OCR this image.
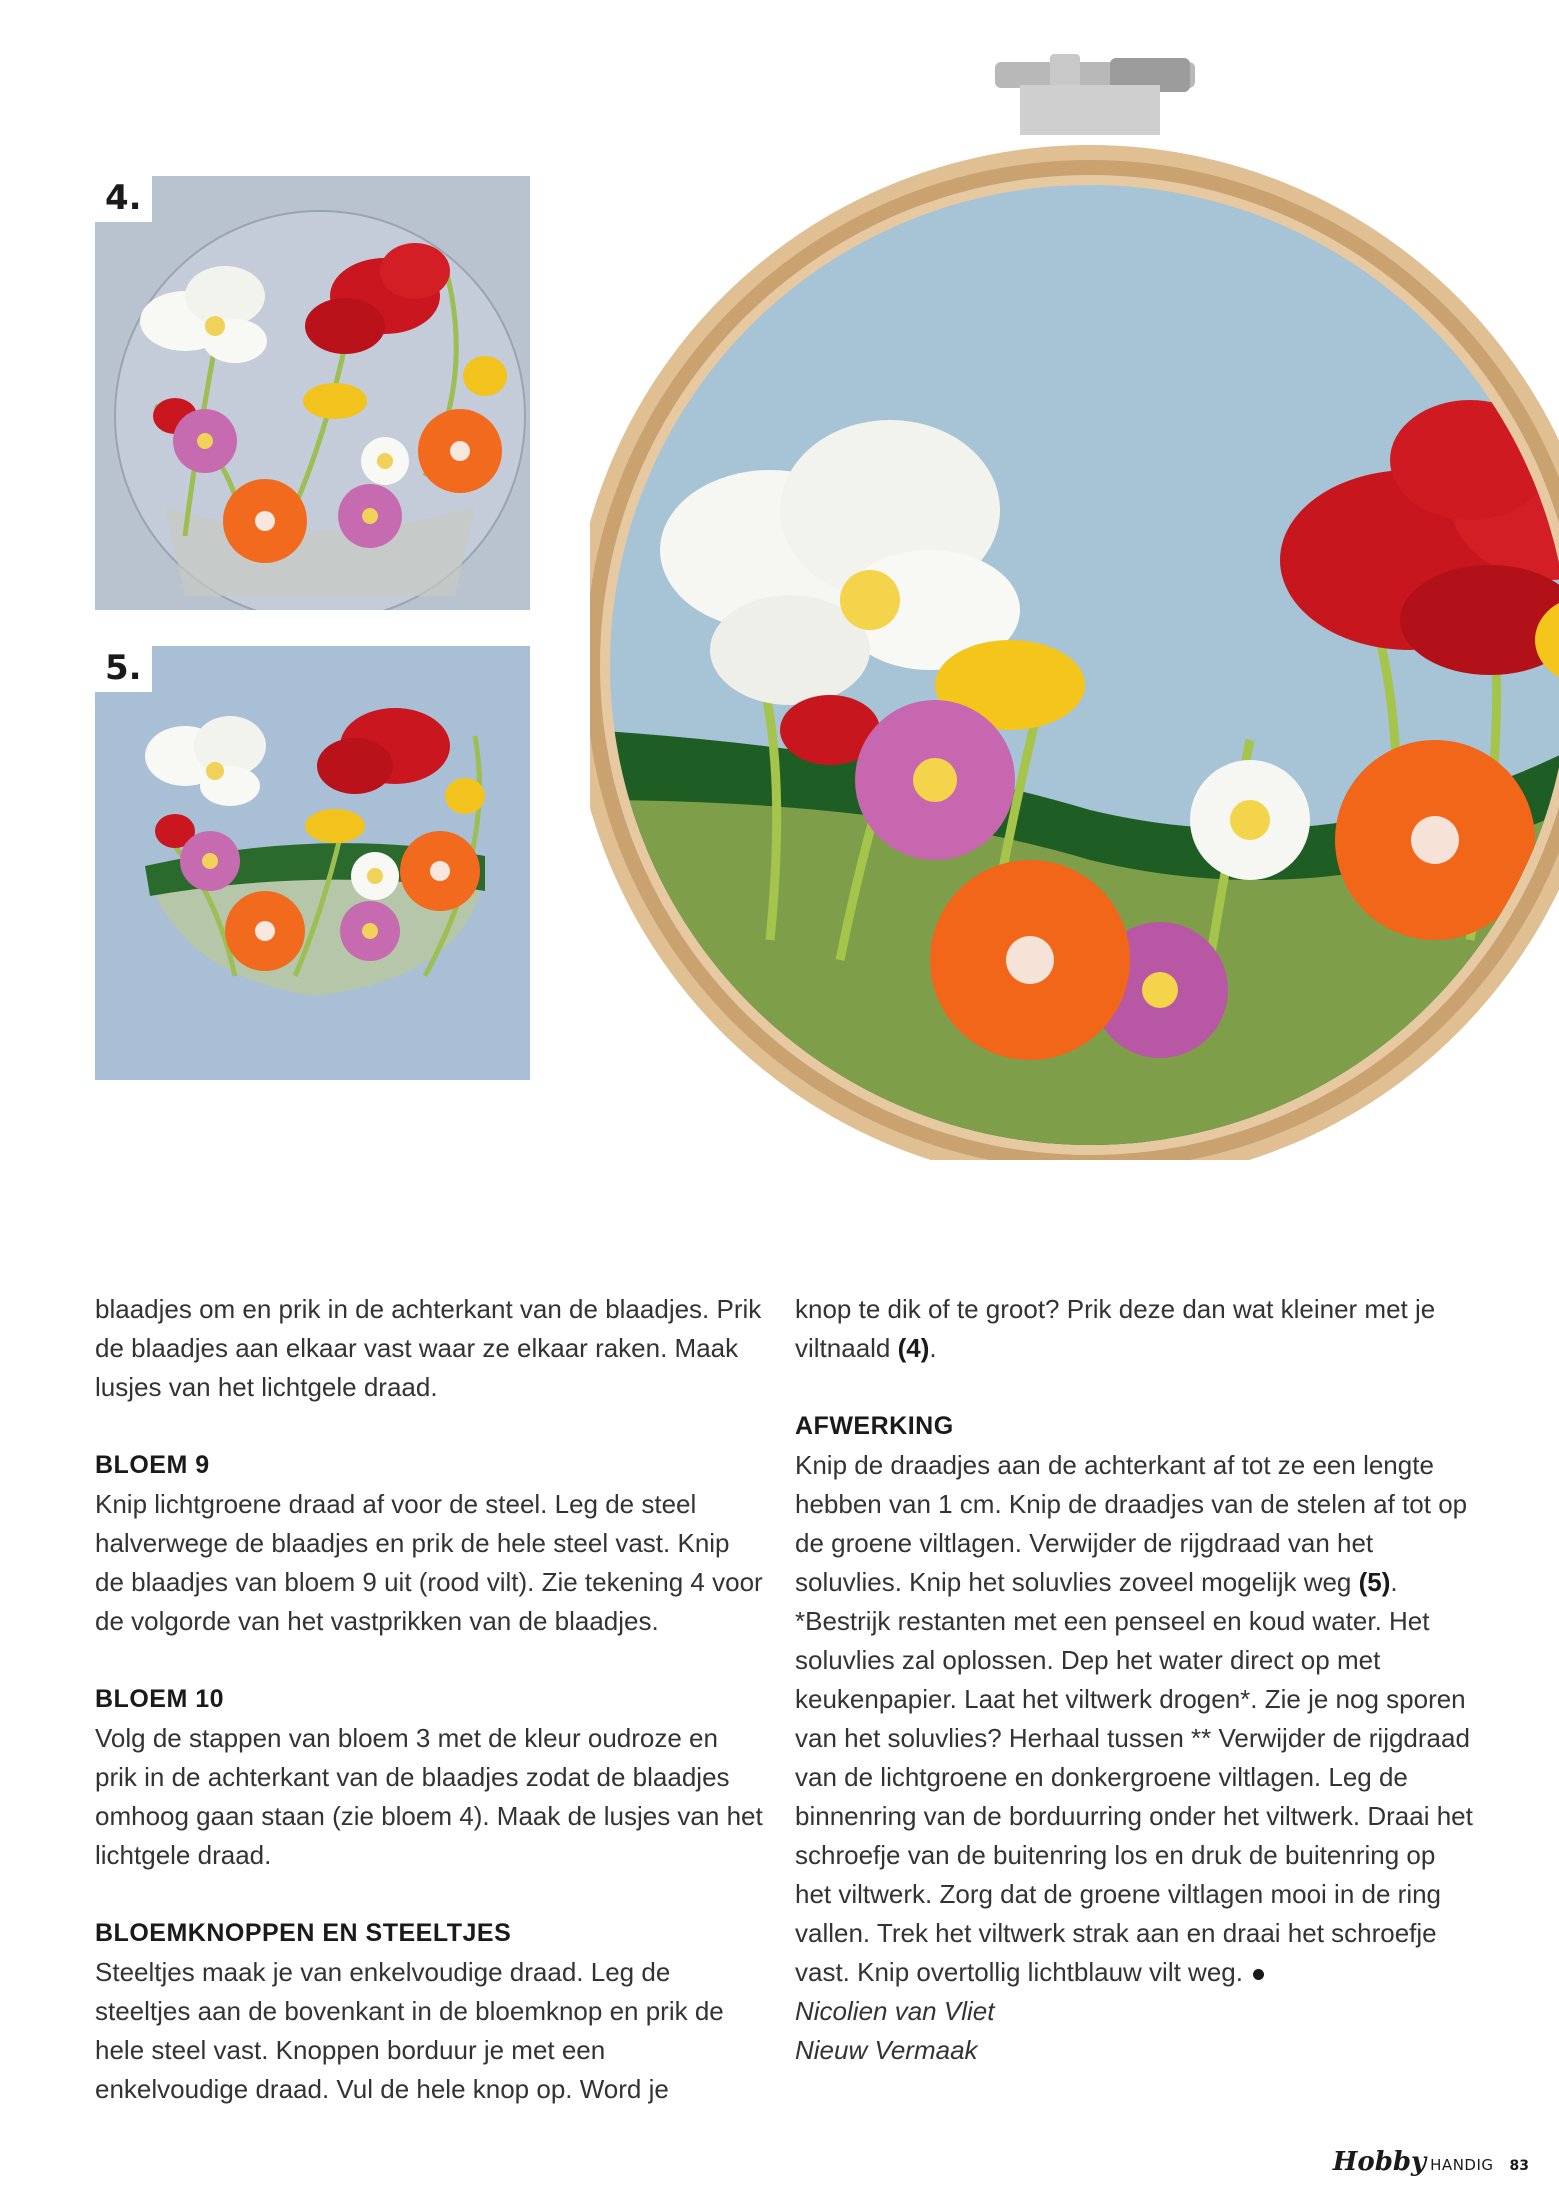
4.
5.

blaadjes om en prik in de achterkant van de blaadjes. Prik de blaadjes aan elkaar vast waar ze elkaar raken. Maak lusjes van het lichtgele draad.

BLOEM 9

Knip lichtgroene draad af voor de steel. Leg de steel halverwege de blaadjes en prik de hele steel vast. Knip de blaadjes van bloem 9 uit (rood vilt). Zie tekening 4 voor de volgorde van het vastprikken van de blaadjes.

BLOEM 10

Volg de stappen van bloem 3 met de kleur oudroze en prik in de achterkant van de blaadjes zodat de blaadjes omhoog gaan staan (zie bloem 4). Maak de lusjes van het lichtgele draad.

BLOEMKNOPPEN EN STEELTJES

Steeltjes maak je van enkelvoudige draad. Leg de steeltjes aan de bovenkant in de bloemknop en prik de hele steel vast. Knoppen borduur je met een enkelvoudige draad. Vul de hele knop op. Word je

knop te dik of te groot? Prik deze dan wat kleiner met je viltnaald (4).

AFWERKING

Knip de draadjes aan de achterkant af tot ze een lengte hebben van 1 cm. Knip de draadjes van de stelen af tot op de groene viltlagen. Verwijder de rijgdraad van het soluvlies. Knip het soluvlies zoveel mogelijk weg (5). *Bestrijk restanten met een penseel en koud water. Het soluvlies zal oplossen. Dep het water direct op met keukenpapier. Laat het viltwerk drogen*. Zie je nog sporen van het soluvlies? Herhaal tussen ** Verwijder de rijgdraad van de lichtgroene en donkergroene viltlagen. Leg de binnenring van de borduurring onder het viltwerk. Draai het schroefje van de buitenring los en druk de buitenring op het viltwerk. Zorg dat de groene viltlagen mooi in de ring vallen. Trek het viltwerk strak aan en draai het schroefje vast. Knip overtollig lichtblauw vilt weg.

Nicolien van Vliet

Nieuw Vermaak

Hobby HANDIG 83
